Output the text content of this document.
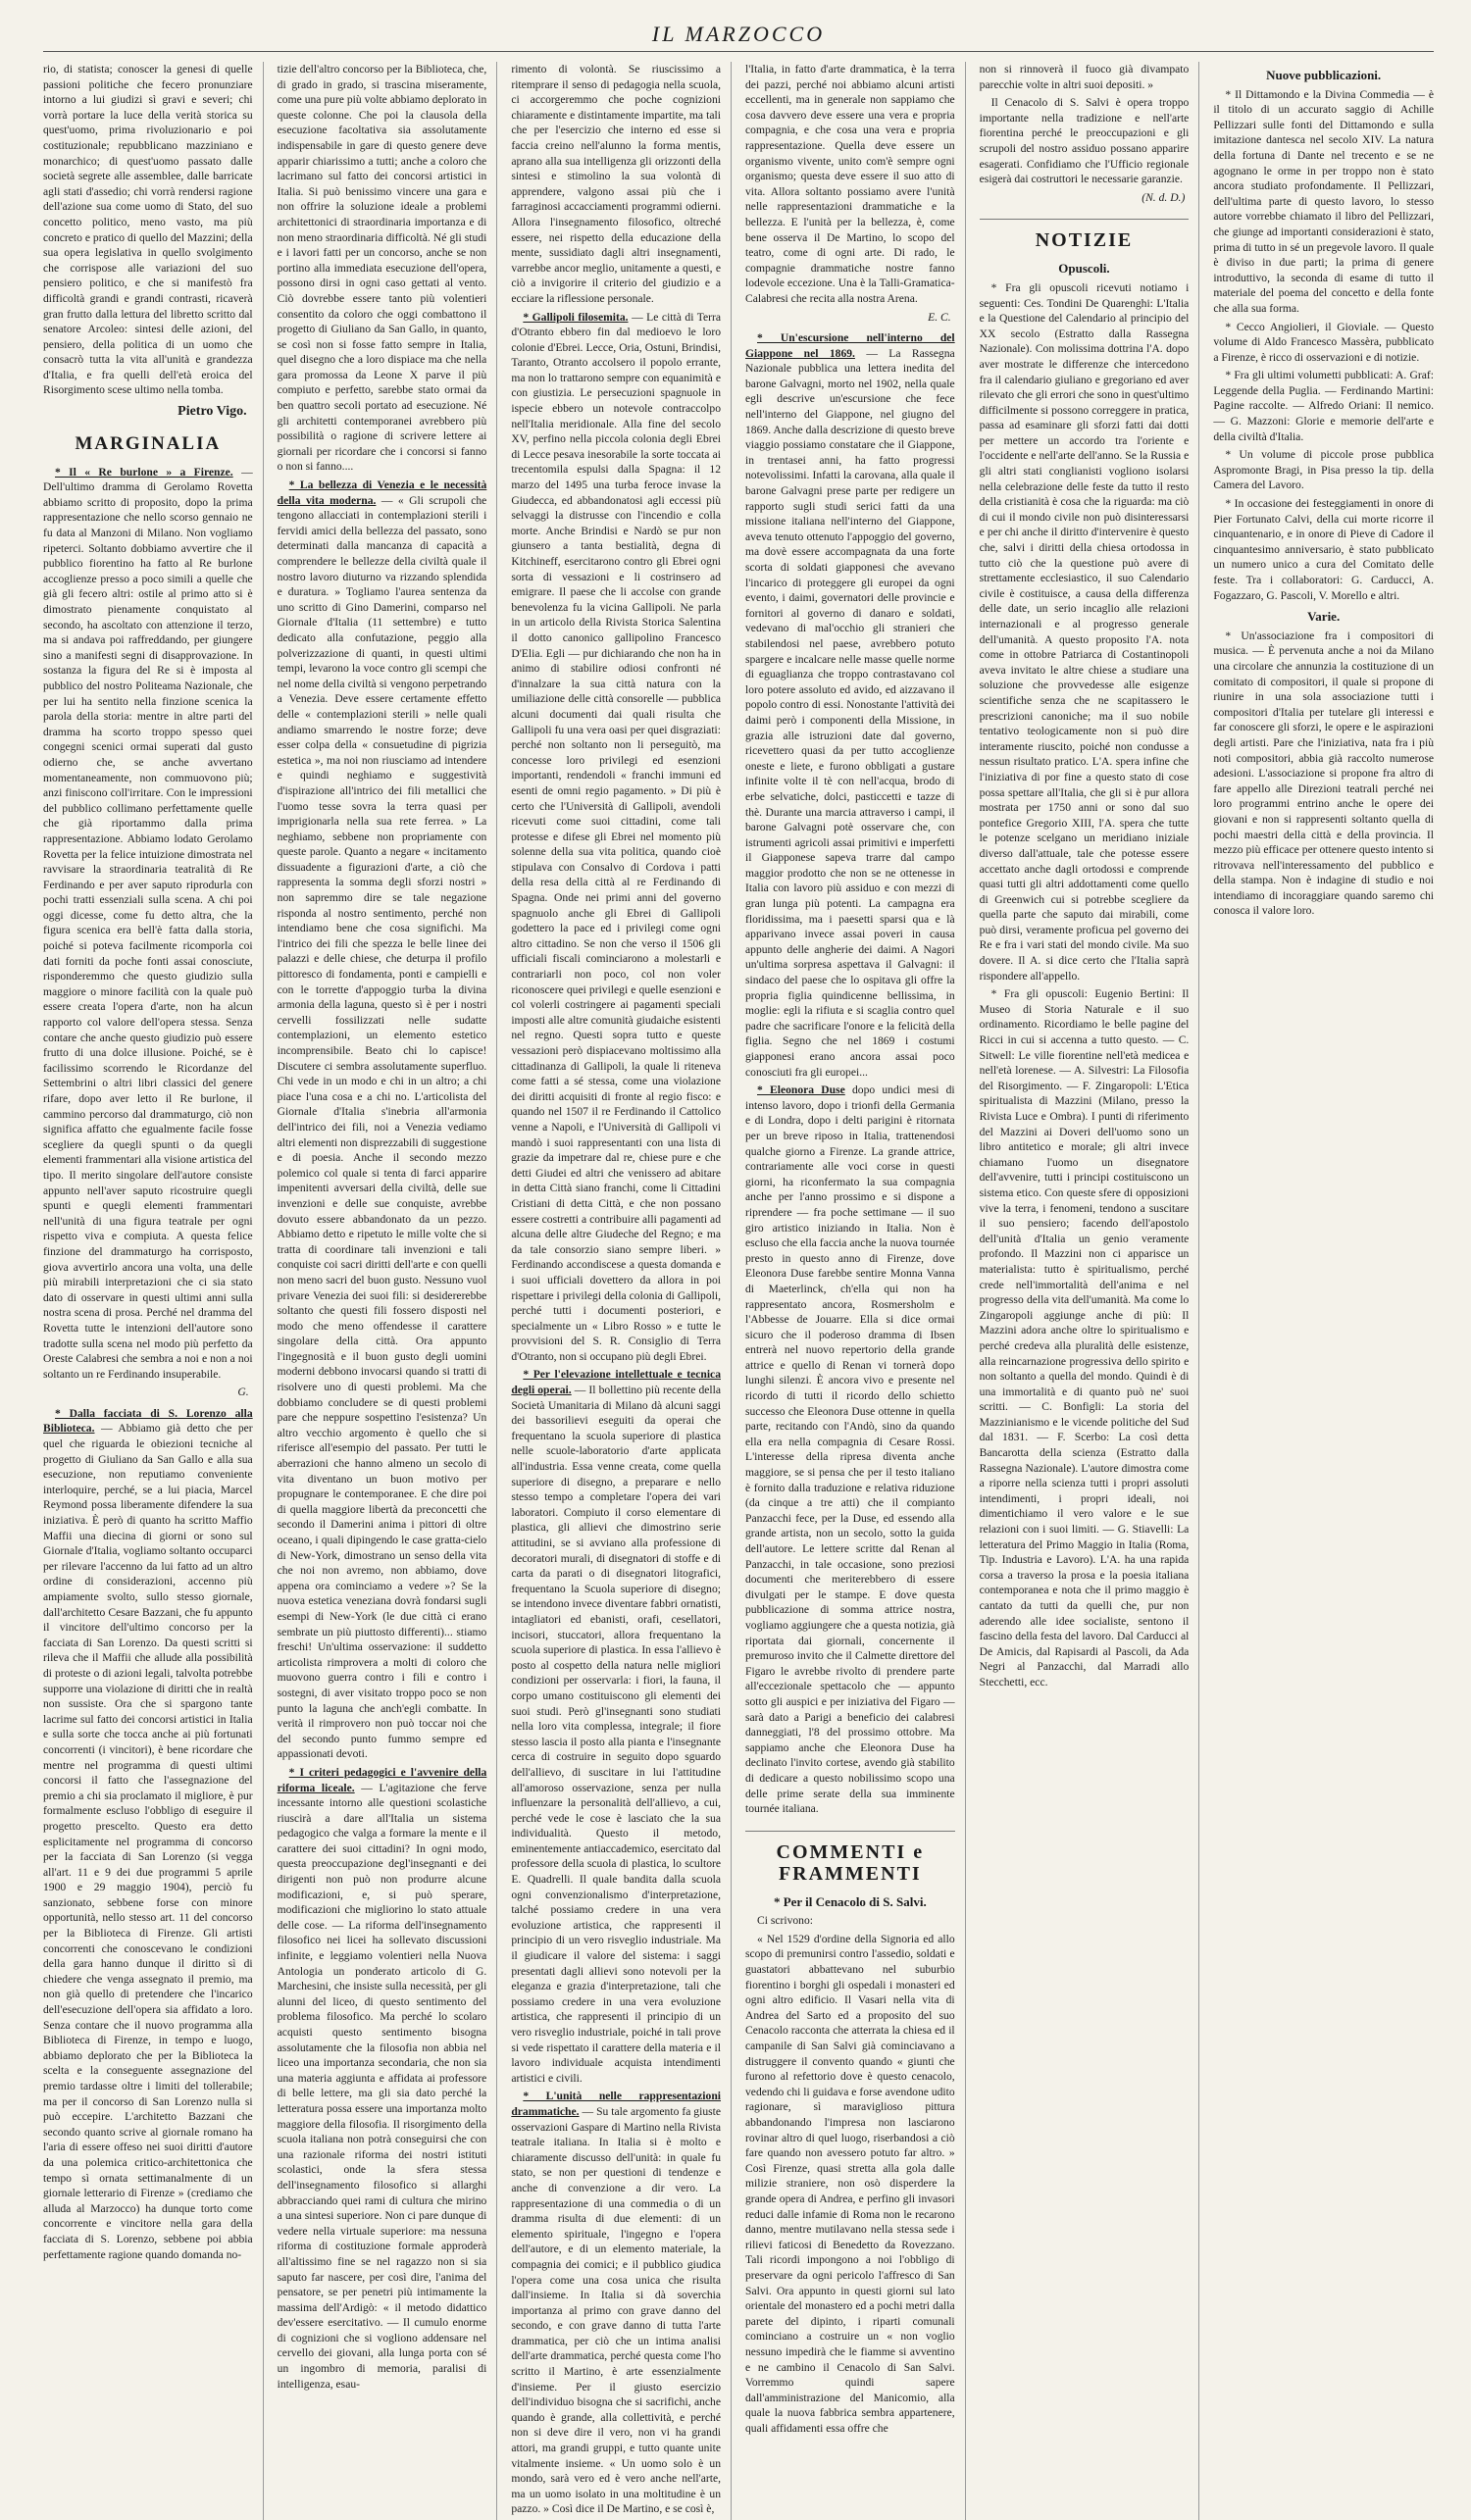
IL MARZOCCO

rio, di statista; conoscer la genesi di quelle passioni politiche che fecero pronunziare intorno a lui giudizi sì gravi e severi; chi vorrà portare la luce della verità storica su quest'uomo, prima rivoluzionario e poi costituzionale; repubblicano mazziniano e monarchico; di quest'uomo passato dalle società segrete alle assemblee, dalle barricate agli stati d'assedio; chi vorrà rendersi ragione dell'azione sua come uomo di Stato, del suo concetto politico, meno vasto, ma più concreto e pratico di quello del Mazzini; della sua opera legislativa in quello svolgimento che corrispose alle variazioni del suo pensiero politico, e che si manifestò fra difficoltà grandi e grandi contrasti, ricaverà gran frutto dalla lettura del libretto scritto dal senatore Arcoleo: sintesi delle azioni, del pensiero, della politica di un uomo che consacrò tutta la vita all'unità e grandezza d'Italia, e fra quelli dell'età eroica del Risorgimento scese ultimo nella tomba.

Pietro Vigo.
MARGINALIA

* Il « Re burlone » a Firenze. — Dell'ultimo dramma di Gerolamo Rovetta abbiamo scritto di proposito, dopo la prima rappresentazione che nello scorso gennaio ne fu data al Manzoni di Milano. Non vogliamo ripeterci. Soltanto dobbiamo avvertire che il pubblico fiorentino ha fatto al Re burlone accoglienze presso a poco simili a quelle che già gli fecero altri: ostile al primo atto si è dimostrato pienamente conquistato al secondo, ha ascoltato con attenzione il terzo, ma si andava poi raffreddando, per giungere sino a manifesti segni di disapprovazione. In sostanza la figura del Re si è imposta al pubblico del nostro Politeama Nazionale, che per lui ha sentito nella finzione scenica la parola della storia: mentre in altre parti del dramma ha scorto troppo spesso quei congegni scenici ormai superati dal gusto odierno che, se anche avvertano momentaneamente, non commuovono più; anzi finiscono coll'irritare. Con le impressioni del pubblico collimano perfettamente quelle che già riportammo dalla prima rappresentazione. Abbiamo lodato Gerolamo Rovetta per la felice intuizione dimostrata nel ravvisare la straordinaria teatralità di Re Ferdinando e per aver saputo riprodurla con pochi tratti essenziali sulla scena. A chi poi oggi dicesse, come fu detto altra, che la figura scenica era bell'è fatta dalla storia, poiché si poteva facilmente ricomporla coi dati forniti da poche fonti assai conosciute, risponderemmo che questo giudizio sulla maggiore o minore facilità con la quale può essere creata l'opera d'arte, non ha alcun rapporto col valore dell'opera stessa. Senza contare che anche questo giudizio può essere frutto di una dolce illusione. Poiché, se è facilissimo scorrendo le Ricordanze del Settembrini o altri libri classici del genere rifare, dopo aver letto il Re burlone, il cammino percorso dal drammaturgo, ciò non significa affatto che egualmente facile fosse scegliere da quegli spunti o da quegli elementi frammentari alla visione artistica del tipo. Il merito singolare dell'autore consiste appunto nell'aver saputo ricostruire quegli spunti e quegli elementi frammentari nell'unità di una figura teatrale per ogni rispetto viva e compiuta. A questa felice finzione del drammaturgo ha corrisposto, giova avvertirlo ancora una volta, una delle più mirabili interpretazioni che ci sia stato dato di osservare in questi ultimi anni sulla nostra scena di prosa. Perché nel dramma del Rovetta tutte le intenzioni dell'autore sono tradotte sulla scena nel modo più perfetto da Oreste Calabresi che sembra a noi e non a noi soltanto un re Ferdinando insuperabile.

G.

* Dalla facciata di S. Lorenzo alla Biblioteca. — Abbiamo già detto che per quel che riguarda le obiezioni tecniche al progetto di Giuliano da San Gallo e alla sua esecuzione, non reputiamo conveniente interloquire, perché, se a lui piacia, Marcel Reymond possa liberamente difendere la sua iniziativa. È però di quanto ha scritto Maffio Maffii una diecina di giorni or sono sul Giornale d'Italia, vogliamo soltanto occuparci per rilevare l'accenno da lui fatto ad un altro ordine di considerazioni, accenno più ampiamente svolto, sullo stesso giornale, dall'architetto Cesare Bazzani, che fu appunto il vincitore dell'ultimo concorso per la facciata di San Lorenzo. Da questi scritti si rileva che il Maffii che allude alla possibilità di proteste o di azioni legali, talvolta potrebbe supporre una violazione di diritti che in realtà non sussiste. Ora che si spargono tante lacrime sul fatto dei concorsi artistici in Italia e sulla sorte che tocca anche ai più fortunati concorrenti (i vincitori), è bene ricordare che mentre nel programma di questi ultimi concorsi il fatto che l'assegnazione del premio a chi sia proclamato il migliore, è pur formalmente escluso l'obbligo di eseguire il progetto prescelto. Questo era detto esplicitamente nel programma di concorso per la facciata di San Lorenzo (si vegga all'art. 11 e 9 dei due programmi 5 aprile 1900 e 29 maggio 1904), perciò fu sanzionato, sebbene forse con minore opportunità, nello stesso art. 11 del concorso per la Biblioteca di Firenze. Gli artisti concorrenti che conoscevano le condizioni della gara hanno dunque il diritto sì di chiedere che venga assegnato il premio, ma non già quello di pretendere che l'incarico dell'esecuzione dell'opera sia affidato a loro. Senza contare che il nuovo programma alla Biblioteca di Firenze, in tempo e luogo, abbiamo deplorato che per la Biblioteca la scelta e la conseguente assegnazione del premio tardasse oltre i limiti del tollerabile; ma per il concorso di San Lorenzo nulla si può eccepire. L'architetto Bazzani che secondo quanto scrive al giornale romano ha l'aria di essere offeso nei suoi diritti d'autore da una polemica critico-architettonica che tempo sì ornata settimanalmente di un giornale letterario di Firenze » (crediamo che alluda al Marzocco) ha dunque torto come concorrente e vincitore nella gara della facciata di S. Lorenzo, sebbene poi abbia perfettamente ragione quando domanda no-

tizie dell'altro concorso per la Biblioteca, che, di grado in grado, si trascina miseramente, come una pure più volte abbiamo deplorato in queste colonne. Che poi la clausola della esecuzione facoltativa sia assolutamente indispensabile in gare di questo genere deve apparir chiarissimo a tutti; anche a coloro che lacrimano sul fatto dei concorsi artistici in Italia. Si può benissimo vincere una gara e non offrire la soluzione ideale a problemi architettonici di straordinaria importanza e di non meno straordinaria difficoltà. Né gli studi e i lavori fatti per un concorso, anche se non portino alla immediata esecuzione dell'opera, possono dirsi in ogni caso gettati al vento. Ciò dovrebbe essere tanto più volentieri consentito da coloro che oggi combattono il progetto di Giuliano da San Gallo, in quanto, se così non si fosse fatto sempre in Italia, quel disegno che a loro dispiace ma che nella gara promossa da Leone X parve il più compiuto e perfetto, sarebbe stato ormai da ben quattro secoli portato ad esecuzione. Né gli architetti contemporanei avrebbero più possibilità o ragione di scrivere lettere ai giornali per ricordare che i concorsi si fanno o non si fanno....

* La bellezza di Venezia e le necessità della vita moderna. — « Gli scrupoli che tengono allacciati in contemplazioni sterili i fervidi amici della bellezza del passato, sono determinati dalla mancanza di capacità a comprendere le bellezze della civiltà quale il nostro lavoro diuturno va rizzando splendida e duratura. » Togliamo l'aurea sentenza da uno scritto di Gino Damerini, comparso nel Giornale d'Italia (11 settembre) e tutto dedicato alla confutazione, peggio alla polverizzazione di quanti, in questi ultimi tempi, levarono la voce contro gli scempi che nel nome della civiltà si vengono perpetrando a Venezia. Deve essere certamente effetto delle « contemplazioni sterili » nelle quali andiamo smarrendo le nostre forze; deve esser colpa della « consuetudine di pigrizia estetica », ma noi non riusciamo ad intendere e quindi neghiamo e suggestività d'ispirazione all'intrico dei fili metallici che l'uomo tesse sovra la terra quasi per imprigionarla nella sua rete ferrea. » La neghiamo, sebbene non propriamente con queste parole. Quanto a negare « incitamento dissuadente a figurazioni d'arte, a ciò che rappresenta la somma degli sforzi nostri » non sapremmo dire se tale negazione risponda al nostro sentimento, perché non intendiamo bene che cosa significhi. Ma l'intrico dei fili che spezza le belle linee dei palazzi e delle chiese, che deturpa il profilo pittoresco di fondamenta, ponti e campielli e con le torrette d'appoggio turba la divina armonia della laguna, questo sì è per i nostri cervelli fossilizzati nelle sudatte contemplazioni, un elemento estetico incomprensibile. Beato chi lo capisce! Discutere ci sembra assolutamente superfluo. Chi vede in un modo e chi in un altro; a chi piace l'una cosa e a chi no. L'articolista del Giornale d'Italia s'inebria all'armonia dell'intrico dei fili, noi a Venezia vediamo altri elementi non disprezzabili di suggestione e di poesia. Anche il secondo mezzo polemico col quale si tenta di farci apparire impenitenti avversari della civiltà, delle sue invenzioni e delle sue conquiste, avrebbe dovuto essere abbandonato da un pezzo. Abbiamo detto e ripetuto le mille volte che si tratta di coordinare tali invenzioni e tali conquiste coi sacri diritti dell'arte e con quelli non meno sacri del buon gusto. Nessuno vuol privare Venezia dei suoi fili: si desidererebbe soltanto che questi fili fossero disposti nel modo che meno offendesse il carattere singolare della città. Ora appunto l'ingegnosità e il buon gusto degli uomini moderni debbono invocarsi quando si tratti di risolvere uno di questi problemi. Ma che dobbiamo concludere se di questi problemi pare che neppure sospettino l'esistenza? Un altro vecchio argomento è quello che si riferisce all'esempio del passato. Per tutti le aberrazioni che hanno almeno un secolo di vita diventano un buon motivo per propugnare le contemporanee. E che dire poi di quella maggiore libertà da preconcetti che secondo il Damerini anima i pittori di oltre oceano, i quali dipingendo le case gratta-cielo di New-York, dimostrano un senso della vita che noi non avremo, non abbiamo, dove appena ora cominciamo a vedere »? Se la nuova estetica veneziana dovrà fondarsi sugli esempi di New-York (le due città ci erano sembrate un più piuttosto differenti)... stiamo freschi! Un'ultima osservazione: il suddetto articolista rimprovera a molti di coloro che muovono guerra contro i fili e contro i sostegni, di aver visitato troppo poco se non punto la laguna che anch'egli combatte. In verità il rimprovero non può toccar noi che del secondo punto fummo sempre ed appassionati devoti.

* I criteri pedagogici e l'avvenire della riforma liceale. — L'agitazione che ferve incessante intorno alle questioni scolastiche riuscirà a dare all'Italia un sistema pedagogico che valga a formare la mente e il carattere dei suoi cittadini? In ogni modo, questa preoccupazione degl'insegnanti e dei dirigenti non può non produrre alcune modificazioni, e, si può sperare, modificazioni che migliorino lo stato attuale delle cose. — La riforma dell'insegnamento filosofico nei licei ha sollevato discussioni infinite, e leggiamo volentieri nella Nuova Antologia un ponderato articolo di G. Marchesini, che insiste sulla necessità, per gli alunni del liceo, di questo sentimento del problema filosofico. Ma perché lo scolaro acquisti questo sentimento bisogna assolutamente che la filosofia non abbia nel liceo una importanza secondaria, che non sia una materia aggiunta e affidata ai professore di belle lettere, ma gli sia dato perché la letteratura possa essere una importanza molto maggiore della filosofia. Il risorgimento della scuola italiana non potrà conseguirsi che con una razionale riforma dei nostri istituti scolastici, onde la sfera stessa dell'insegnamento filosofico si allarghi abbracciando quei rami di cultura che mirino a una sintesi superiore. Non ci pare dunque di vedere nella virtuale superiore: ma nessuna riforma di costituzione formale approderà all'altissimo fine se nel ragazzo non si sia saputo far nascere, per così dire, l'anima del pensatore, se per penetri più intimamente la massima dell'Ardigò: « il metodo didattico dev'essere esercitativo. — Il cumulo enorme di cognizioni che si vogliono addensare nel cervello dei giovani, alla lunga porta con sé un ingombro di memoria, paralisi di intelligenza, esau-

rimento di volontà. Se riuscissimo a ritemprare il senso di pedagogia nella scuola, ci accorgeremmo che poche cognizioni chiaramente e distintamente impartite, ma tali che per l'esercizio che interno ed esse si faccia creino nell'alunno la forma mentis, aprano alla sua intelligenza gli orizzonti della sintesi e stimolino la sua volontà di apprendere, valgono assai più che i farraginosi accacciamenti programmi odierni. Allora l'insegnamento filosofico, oltreché essere, nei rispetto della educazione della mente, sussidiato dagli altri insegnamenti, varrebbe ancor meglio, unitamente a questi, e ciò a invigorire il criterio del giudizio e a ecciare la riflessione personale.

* Gallipoli filosemita. — Le città di Terra d'Otranto ebbero fin dal medioevo le loro colonie d'Ebrei. Lecce, Oria, Ostuni, Brindisi, Taranto, Otranto accolsero il popolo errante, ma non lo trattarono sempre con equanimità e con giustizia. Le persecuzioni spagnuole in ispecie ebbero un notevole contraccolpo nell'Italia meridionale. Alla fine del secolo XV, perfino nella piccola colonia degli Ebrei di Lecce pesava inesorabile la sorte toccata ai trecentomila espulsi dalla Spagna: il 12 marzo del 1495 una turba feroce invase la Giudecca, ed abbandonatosi agli eccessi più selvaggi la distrusse con l'incendio e colla morte. Anche Brindisi e Nardò se pur non giunsero a tanta bestialità, degna di Kitchineff, esercitarono contro gli Ebrei ogni sorta di vessazioni e li costrinsero ad emigrare. Il paese che li accolse con grande benevolenza fu la vicina Gallipoli. Ne parla in un articolo della Rivista Storica Salentina il dotto canonico gallipolino Francesco D'Elia. Egli — pur dichiarando che non ha in animo di stabilire odiosi confronti né d'innalzare la sua città natura con la umiliazione delle città consorelle — pubblica alcuni documenti dai quali risulta che Gallipoli fu una vera oasi per quei disgraziati: perché non soltanto non li perseguitò, ma concesse loro privilegi ed esenzioni importanti, rendendoli « franchi immuni ed esenti de omni regio pagamento. » Di più è certo che l'Università di Gallipoli, avendoli ricevuti come suoi cittadini, come tali protesse e difese gli Ebrei nel momento più solenne della sua vita politica, quando cioè stipulava con Consalvo di Cordova i patti della resa della città al re Ferdinando di Spagna. Onde nei primi anni del governo spagnuolo anche gli Ebrei di Gallipoli godettero la pace ed i privilegi come ogni altro cittadino. Se non che verso il 1506 gli ufficiali fiscali cominciarono a molestarli e contrariarli non poco, col non voler riconoscere quei privilegi e quelle esenzioni e col volerli costringere ai pagamenti speciali imposti alle altre comunità giudaiche esistenti nel regno. Questi sopra tutto e queste vessazioni però dispiacevano moltissimo alla cittadinanza di Gallipoli, la quale li riteneva come fatti a sé stessa, come una violazione dei diritti acquisiti di fronte al regio fisco: e quando nel 1507 il re Ferdinando il Cattolico venne a Napoli, e l'Università di Gallipoli vi mandò i suoi rappresentanti con una lista di grazie da impetrare dal re, chiese pure e che detti Giudei ed altri che venissero ad abitare in detta Città siano franchi, come li Cittadini Cristiani di detta Città, e che non possano essere costretti a contribuire alli pagamenti ad alcuna delle altre Giudeche del Regno; e ma da tale consorzio siano sempre liberi. » Ferdinando accondiscese a questa domanda e i suoi ufficiali dovettero da allora in poi rispettare i privilegi della colonia di Gallipoli, perché tutti i documenti posteriori, e specialmente un « Libro Rosso » e tutte le provvisioni del S. R. Consiglio di Terra d'Otranto, non si occupano più degli Ebrei.

* Per l'elevazione intellettuale e tecnica degli operai. — Il bollettino più recente della Società Umanitaria di Milano dà alcuni saggi dei bassorilievi eseguiti da operai che frequentano la scuola superiore di plastica nelle scuole-laboratorio d'arte applicata all'industria. Essa venne creata, come quella superiore di disegno, a preparare e nello stesso tempo a completare l'opera dei vari laboratori. Compiuto il corso elementare di plastica, gli allievi che dimostrino serie attitudini, se si avviano alla professione di decoratori murali, di disegnatori di stoffe e di carta da parati o di disegnatori litografici, frequentano la Scuola superiore di disegno; se intendono invece diventare fabbri ornatisti, intagliatori ed ebanisti, orafi, cesellatori, incisori, stuccatori, allora frequentano la scuola superiore di plastica. In essa l'allievo è posto al cospetto della natura nelle migliori condizioni per osservarla: i fiori, la fauna, il corpo umano costituiscono gli elementi dei suoi studi. Però gl'insegnanti sono studiati nella loro vita complessa, integrale; il fiore stesso lascia il posto alla pianta e l'insegnante cerca di costruire in seguito dopo sguardo dell'allievo, di suscitare in lui l'attitudine all'amoroso osservazione, senza per nulla influenzare la personalità dell'allievo, a cui, perché vede le cose è lasciato che la sua individualità. Questo il metodo, eminentemente antiaccademico, esercitato dal professore della scuola di plastica, lo scultore E. Quadrelli. Il quale bandita dalla scuola ogni convenzionalismo d'interpretazione, talché possiamo credere in una vera evoluzione artistica, che rappresenti il principio di un vero risveglio industriale. Ma il giudicare il valore del sistema: i saggi presentati dagli allievi sono notevoli per la eleganza e grazia d'interpretazione, tali che possiamo credere in una vera evoluzione artistica, che rappresenti il principio di un vero risveglio industriale, poiché in tali prove si vede rispettato il carattere della materia e il lavoro individuale acquista intendimenti artistici e civili.

* L'unità nelle rappresentazioni drammatiche. — Su tale argomento fa giuste osservazioni Gaspare di Martino nella Rivista teatrale italiana. In Italia si è molto e chiaramente discusso dell'unità: in quale fu stato, se non per questioni di tendenze e anche di convenzione a dir vero. La rappresentazione di una commedia o di un dramma risulta di due elementi: di un elemento spirituale, l'ingegno e l'opera dell'autore, e di un elemento materiale, la compagnia dei comici; e il pubblico giudica l'opera come una cosa unica che risulta dall'insieme. In Italia si dà soverchia importanza al primo con grave danno del secondo, e con grave danno di tutta l'arte drammatica, per ciò che un intima analisi dell'arte drammatica, perché questa come l'ho scritto il Martino, è arte essenzialmente d'insieme. Per il giusto esercizio dell'individuo bisogna che si sacrifichi, anche quando è grande, alla collettività, e perché non si deve dire il vero, non vi ha grandi attori, ma grandi gruppi, e tutto quante unite vitalmente insieme. « Un uomo solo è un mondo, sarà vero ed è vero anche nell'arte, ma un uomo isolato in una moltitudine è un pazzo. » Così dice il De Martino, e se così è,

l'Italia, in fatto d'arte drammatica, è la terra dei pazzi, perché noi abbiamo alcuni artisti eccellenti, ma in generale non sappiamo che cosa davvero deve essere una vera e propria compagnia, e che cosa una vera e propria rappresentazione. Quella deve essere un organismo vivente, unito com'è sempre ogni organismo; questa deve essere il suo atto di vita. Allora soltanto possiamo avere l'unità nelle rappresentazioni drammatiche e la bellezza. E l'unità per la bellezza, è, come bene osserva il De Martino, lo scopo del teatro, come di ogni arte. Di rado, le compagnie drammatiche nostre fanno lodevole eccezione. Una è la Talli-Gramatica-Calabresi che recita alla nostra Arena.

E. C.

* Un'escursione nell'interno del Giappone nel 1869. — La Rassegna Nazionale pubblica una lettera inedita del barone Galvagni, morto nel 1902, nella quale egli descrive un'escursione che fece nell'interno del Giappone, nel giugno del 1869. Anche dalla descrizione di questo breve viaggio possiamo constatare che il Giappone, in trentasei anni, ha fatto progressi notevolissimi. Infatti la carovana, alla quale il barone Galvagni prese parte per redigere un rapporto sugli studi serici fatti da una missione italiana nell'interno del Giappone, aveva tenuto ottenuto l'appoggio del governo, ma dovè essere accompagnata da una forte scorta di soldati giapponesi che avevano l'incarico di proteggere gli europei da ogni evento, i daimi, governatori delle provincie e fornitori al governo di danaro e soldati, vedevano di mal'occhio gli stranieri che stabilendosi nel paese, avrebbero potuto spargere e incalcare nelle masse quelle norme di eguaglianza che troppo contrastavano col loro potere assoluto ed avido, ed aizzavano il popolo contro di essi. Nonostante l'attività dei daimi però i componenti della Missione, in grazia alle istruzioni date dal governo, ricevettero quasi da per tutto accoglienze oneste e liete, e furono obbligati a gustare infinite volte il tè con nell'acqua, brodo di erbe selvatiche, dolci, pasticcetti e tazze di thè. Durante una marcia attraverso i campi, il barone Galvagni potè osservare che, con istrumenti agricoli assai primitivi e imperfetti il Giapponese sapeva trarre dal campo maggior prodotto che non se ne ottenesse in Italia con lavoro più assiduo e con mezzi di gran lunga più potenti. La campagna era floridissima, ma i paesetti sparsi qua e là apparivano invece assai poveri in causa appunto delle angherie dei daimi. A Nagori un'ultima sorpresa aspettava il Galvagni: il sindaco del paese che lo ospitava gli offre la propria figlia quindicenne bellissima, in moglie: egli la rifiuta e si scaglia contro quel padre che sacrificare l'onore e la felicità della figlia. Segno che nel 1869 i costumi giapponesi erano ancora assai poco conosciuti fra gli europei...

* Eleonora Duse dopo undici mesi di intenso lavoro, dopo i trionfi della Germania e di Londra, dopo i delti parigini è ritornata per un breve riposo in Italia, trattenendosi qualche giorno a Firenze. La grande attrice, contrariamente alle voci corse in questi giorni, ha riconfermato la sua compagnia anche per l'anno prossimo e si dispone a riprendere — fra poche settimane — il suo giro artistico iniziando in Italia. Non è escluso che ella faccia anche la nuova tournée presto in questo anno di Firenze, dove Eleonora Duse farebbe sentire Monna Vanna di Maeterlinck, ch'ella qui non ha rappresentato ancora, Rosmersholm e l'Abbesse de Jouarre. Ella si dice ormai sicuro che il poderoso dramma di Ibsen entrerà nel nuovo repertorio della grande attrice e quello di Renan vi tornerà dopo lunghi silenzi. È ancora vivo e presente nel ricordo di tutti il ricordo dello schietto successo che Eleonora Duse ottenne in quella parte, recitando con l'Andò, sino da quando ella era nella compagnia di Cesare Rossi. L'interesse della ripresa diventa anche maggiore, se si pensa che per il testo italiano è fornito dalla traduzione e relativa riduzione (da cinque a tre atti) che il compianto Panzacchi fece, per la Duse, ed essendo alla grande artista, non un secolo, sotto la guida dell'autore. Le lettere scritte dal Renan al Panzacchi, in tale occasione, sono preziosi documenti che meriterebbero di essere divulgati per le stampe. E dove questa pubblicazione di somma attrice nostra, vogliamo aggiungere che a questa notizia, già riportata dai giornali, concernente il premuroso invito che il Calmette direttore del Figaro le avrebbe rivolto di prendere parte all'eccezionale spettacolo che — appunto sotto gli auspici e per iniziativa del Figaro — sarà dato a Parigi a beneficio dei calabresi danneggiati, l'8 del prossimo ottobre. Ma sappiamo anche che Eleonora Duse ha declinato l'invito cortese, avendo già stabilito di dedicare a questo nobilissimo scopo una delle prime serate della sua imminente tournée italiana.

COMMENTI e FRAMMENTI
* Per il Cenacolo di S. Salvi.

Ci scrivono:

« Nel 1529 d'ordine della Signoria ed allo scopo di premunirsi contro l'assedio, soldati e guastatori abbattevano nel suburbio fiorentino i borghi gli ospedali i monasteri ed ogni altro edificio. Il Vasari nella vita di Andrea del Sarto ed a proposito del suo Cenacolo racconta che atterrata la chiesa ed il campanile di San Salvi già cominciavano a distruggere il convento quando « giunti che furono al refettorio dove è questo cenacolo, vedendo chi li guidava e forse avendone udito ragionare, sì maraviglioso pittura abbandonando l'impresa non lasciarono rovinar altro di quel luogo, riserbandosi a ciò fare quando non avessero potuto far altro. » Così Firenze, quasi stretta alla gola dalle milizie straniere, non osò disperdere la grande opera di Andrea, e perfino gli invasori reduci dalle infamie di Roma non le recarono danno, mentre mutilavano nella stessa sede i rilievi faticosi di Benedetto da Rovezzano. Tali ricordi impongono a noi l'obbligo di preservare da ogni pericolo l'affresco di San Salvi. Ora appunto in questi giorni sul lato orientale del monastero ed a pochi metri dalla parete del dipinto, i riparti comunali cominciano a costruire un « non voglio nessuno impedirà che le fiamme si avventino e ne cambino il Cenacolo di San Salvi. Vorremmo quindi sapere dall'amministrazione del Manicomio, alla quale la nuova fabbrica sembra appartenere, quali affidamenti essa offre che

non si rinnoverà il fuoco già divampato parecchie volte in altri suoi depositi. »

Il Cenacolo di S. Salvi è opera troppo importante nella tradizione e nell'arte fiorentina perché le preoccupazioni e gli scrupoli del nostro assiduo possano apparire esagerati. Confidiamo che l'Ufficio regionale esigerà dai costruttori le necessarie garanzie.

(N. d. D.)
NOTIZIE
Opuscoli.

* Fra gli opuscoli ricevuti notiamo i seguenti: Ces. Tondini De Quarenghi: L'Italia e la Questione del Calendario al principio del XX secolo (Estratto dalla Rassegna Nazionale). Con molissima dottrina l'A. dopo aver mostrate le differenze che intercedono fra il calendario giuliano e gregoriano ed aver rilevato che gli errori che sono in quest'ultimo difficilmente si possono correggere in pratica, passa ad esaminare gli sforzi fatti dai dotti per mettere un accordo tra l'oriente e l'occidente e nell'arte dell'anno. Se la Russia e gli altri stati conglianisti vogliono isolarsi nella celebrazione delle feste da tutto il resto della cristianità è cosa che la riguarda: ma ciò di cui il mondo civile non può disinteressarsi e per chi anche il diritto d'intervenire è questo che, salvi i diritti della chiesa ortodossa in tutto ciò che la questione può avere di strettamente ecclesiastico, il suo Calendario civile è costituisce, a causa della differenza delle date, un serio incaglio alle relazioni internazionali e al progresso generale dell'umanità. A questo proposito l'A. nota come in ottobre Patriarca di Costantinopoli aveva invitato le altre chiese a studiare una soluzione che provvedesse alle esigenze scientifiche senza che ne scapitassero le prescrizioni canoniche; ma il suo nobile tentativo teologicamente non si può dire interamente riuscito, poiché non condusse a nessun risultato pratico. L'A. spera infine che l'iniziativa di por fine a questo stato di cose possa spettare all'Italia, che gli si è pur allora mostrata per 1750 anni or sono dal suo pontefice Gregorio XIII, l'A. spera che tutte le potenze scelgano un meridiano iniziale diverso dall'attuale, tale che potesse essere accettato anche dagli ortodossi e comprende quasi tutti gli altri addottamenti come quello di Greenwich cui si potrebbe scegliere da quella parte che saputo dai mirabili, come può dirsi, veramente proficua pel governo dei Re e fra i vari stati del mondo civile. Ma suo dovere. Il A. si dice certo che l'Italia saprà rispondere all'appello.

* Fra gli opuscoli: Eugenio Bertini: Il Museo di Storia Naturale e il suo ordinamento. Ricordiamo le belle pagine del Ricci in cui si accenna a tutto questo. — C. Sitwell: Le ville fiorentine nell'età medicea e nell'età lorenese. — A. Silvestri: La Filosofia del Risorgimento. — F. Zingaropoli: L'Etica spiritualista di Mazzini (Milano, presso la Rivista Luce e Ombra). I punti di riferimento del Mazzini ai Doveri dell'uomo sono un libro antitetico e morale; gli altri invece chiamano l'uomo un disegnatore dell'avvenire, tutti i principi costituiscono un sistema etico. Con queste sfere di opposizioni vive la terra, i fenomeni, tendono a suscitare il suo pensiero; facendo dell'apostolo dell'unità d'Italia un genio veramente profondo. Il Mazzini non ci apparisce un materialista: tutto è spiritualismo, perché crede nell'immortalità dell'anima e nel progresso della vita dell'umanità. Ma come lo Zingaropoli aggiunge anche di più: Il Mazzini adora anche oltre lo spiritualismo e perché credeva alla pluralità delle esistenze, alla reincarnazione progressiva dello spirito e non soltanto a quella del mondo. Quindi è di una immortalità e di quanto può ne' suoi scritti. — C. Bonfigli: La storia del Mazzinianismo e le vicende politiche del Sud dal 1831. — F. Scerbo: La così detta Bancarotta della scienza (Estratto dalla Rassegna Nazionale). L'autore dimostra come a riporre nella scienza tutti i propri assoluti intendimenti, i propri ideali, noi dimentichiamo il vero valore e le sue relazioni con i suoi limiti. — G. Stiavelli: La letteratura del Primo Maggio in Italia (Roma, Tip. Industria e Lavoro). L'A. ha una rapida corsa a traverso la prosa e la poesia italiana contemporanea e nota che il primo maggio è cantato da tutti da quelli che, pur non aderendo alle idee socialiste, sentono il fascino della festa del lavoro. Dal Carducci al De Amicis, dal Rapisardi al Pascoli, da Ada Negri al Panzacchi, dal Marradi allo Stecchetti, ecc.

Nuove pubblicazioni.

* Il Dittamondo e la Divina Commedia — è il titolo di un accurato saggio di Achille Pellizzari sulle fonti del Dittamondo e sulla imitazione dantesca nel secolo XIV. La natura della fortuna di Dante nel trecento e se ne agognano le orme in per troppo non è stato ancora studiato profondamente. Il Pellizzari, dell'ultima parte di questo lavoro, lo stesso autore vorrebbe chiamato il libro del Pellizzari, che giunge ad importanti considerazioni è stato, prima di tutto in sé un pregevole lavoro. Il quale è diviso in due parti; la prima di genere introduttivo, la seconda di esame di tutto il materiale del poema del concetto e della fonte che alla sua forma.

* Cecco Angiolieri, il Gioviale. — Questo volume di Aldo Francesco Massèra, pubblicato a Firenze, è ricco di osservazioni e di notizie.

* Fra gli ultimi volumetti pubblicati: A. Graf: Leggende della Puglia. — Ferdinando Martini: Pagine raccolte. — Alfredo Oriani: Il nemico. — G. Mazzoni: Glorie e memorie dell'arte e della civiltà d'Italia.

* Un volume di piccole prose pubblica Aspromonte Bragi, in Pisa presso la tip. della Camera del Lavoro.

* In occasione dei festeggiamenti in onore di Pier Fortunato Calvi, della cui morte ricorre il cinquantenario, e in onore di Pieve di Cadore il cinquantesimo anniversario, è stato pubblicato un numero unico a cura del Comitato delle feste. Tra i collaboratori: G. Carducci, A. Fogazzaro, G. Pascoli, V. Morello e altri.

Varie.

* Un'associazione fra i compositori di musica. — È pervenuta anche a noi da Milano una circolare che annunzia la costituzione di un comitato di compositori, il quale si propone di riunire in una sola associazione tutti i compositori d'Italia per tutelare gli interessi e far conoscere gli sforzi, le opere e le aspirazioni degli artisti. Pare che l'iniziativa, nata fra i più noti compositori, abbia già raccolto numerose adesioni. L'associazione si propone fra altro di fare appello alle Direzioni teatrali perché nei loro programmi entrino anche le opere dei giovani e non si rappresenti soltanto quella di pochi maestri della città e della provincia. Il mezzo più efficace per ottenere questo intento si ritrovava nell'interessamento del pubblico e della stampa. Non è indagine di studio e noi intendiamo di incoraggiare quando saremo chi conosca il valore loro.
